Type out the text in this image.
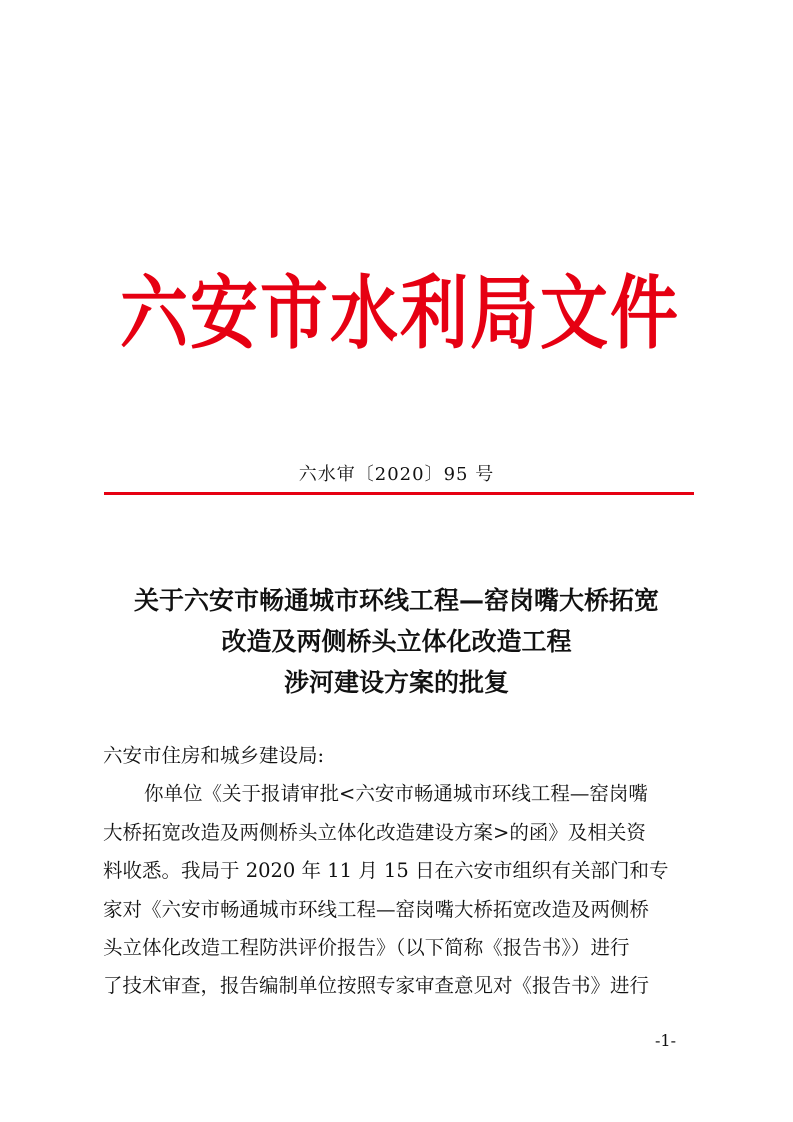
六安市水利局文件
六水审〔2020〕95 号
关于六安市畅通城市环线工程—窑岗嘴大桥拓宽
改造及两侧桥头立体化改造工程
涉河建设方案的批复
六安市住房和城乡建设局:
你单位《关于报请审批<六安市畅通城市环线工程—窑岗嘴
大桥拓宽改造及两侧桥头立体化改造建设方案>的函》及相关资
料收悉。我局于 2020 年 11 月 15 日在六安市组织有关部门和专
家对《六安市畅通城市环线工程—窑岗嘴大桥拓宽改造及两侧桥
头立体化改造工程防洪评价报告》（以下简称《报告书》）进行
了技术审查，报告编制单位按照专家审查意见对《报告书》进行
-1-
